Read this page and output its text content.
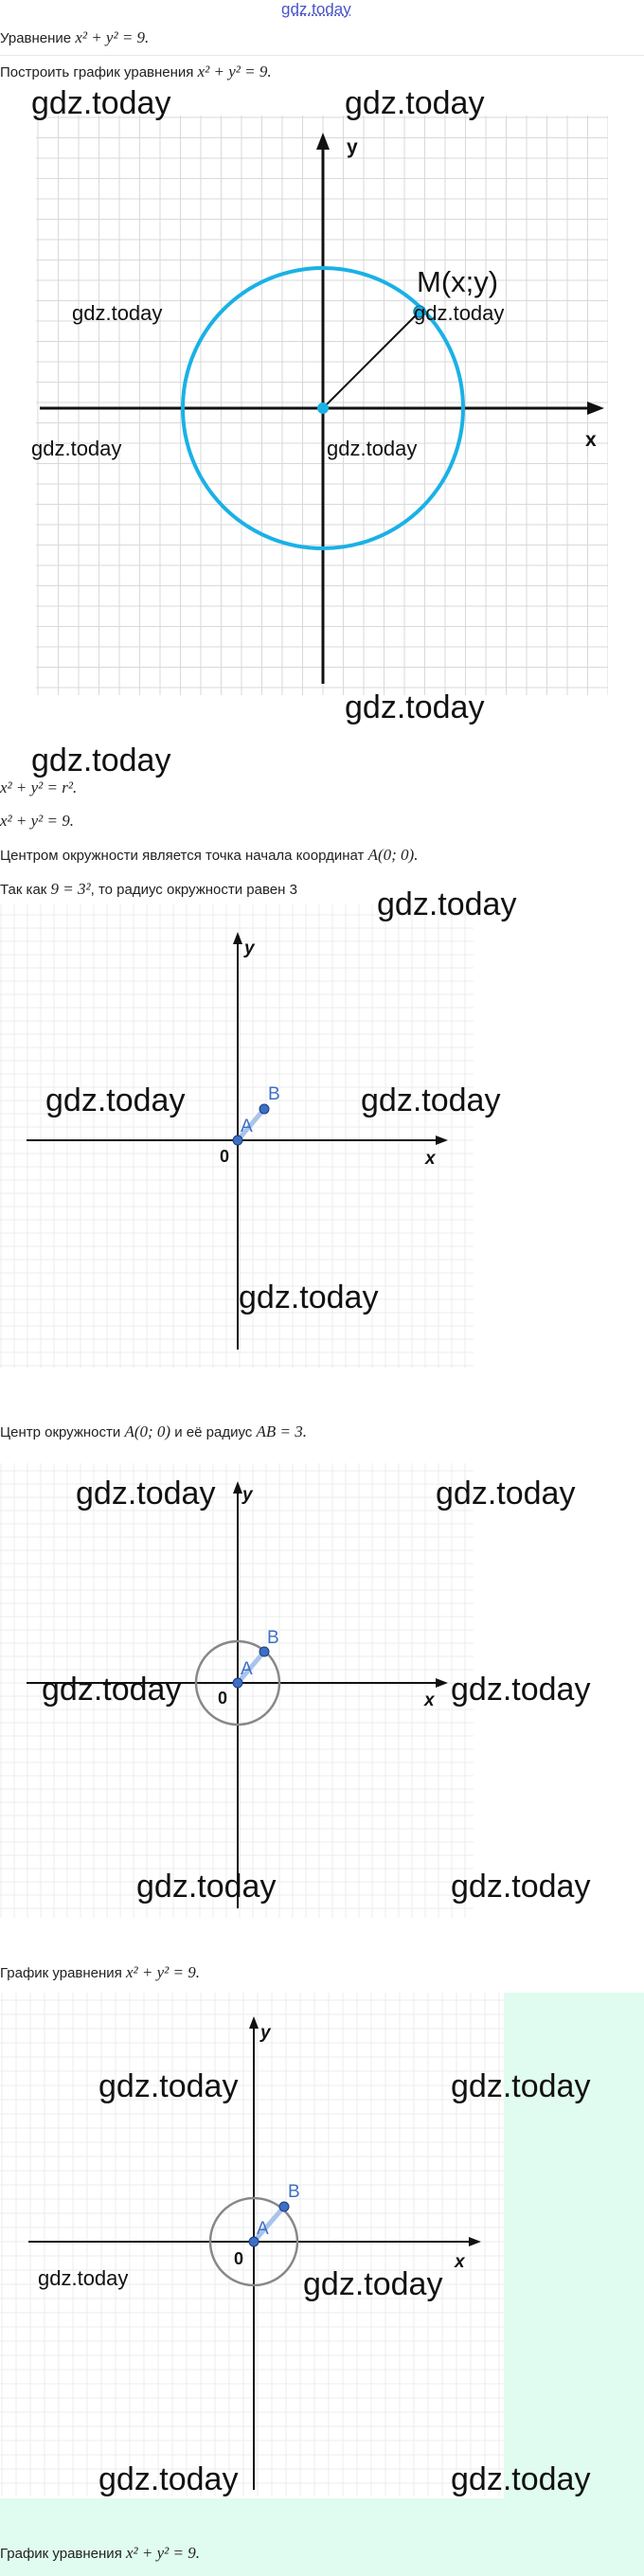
gdz.today
Уравнение x² + y² = 9.
Построить график уравнения x² + y² = 9.
M(x;y)
x
y
gdz.today	gdz.today
gdz.today	gdz.today
gdz.today	gdz.today
gdz.today
gdz.today
x² + y² = r².
x² + y² = 9.
Центром окружности является точка начала координат A(0; 0).
Так как 9 = 3², то радиус окружности равен 3
A
B
0	x
y
gdz.today
gdz.today	gdz.today
gdz.today
Центр окружности A(0; 0) и её радиус AB = 3.
A
B
0	x
y
gdz.today	gdz.today
gdz.today	gdz.today
gdz.today	gdz.today
График уравнения x² + y² = 9.
A
B
0	x
y
gdz.today	gdz.today
gdz.today	gdz.today
gdz.today	gdz.today
График уравнения x² + y² = 9.
